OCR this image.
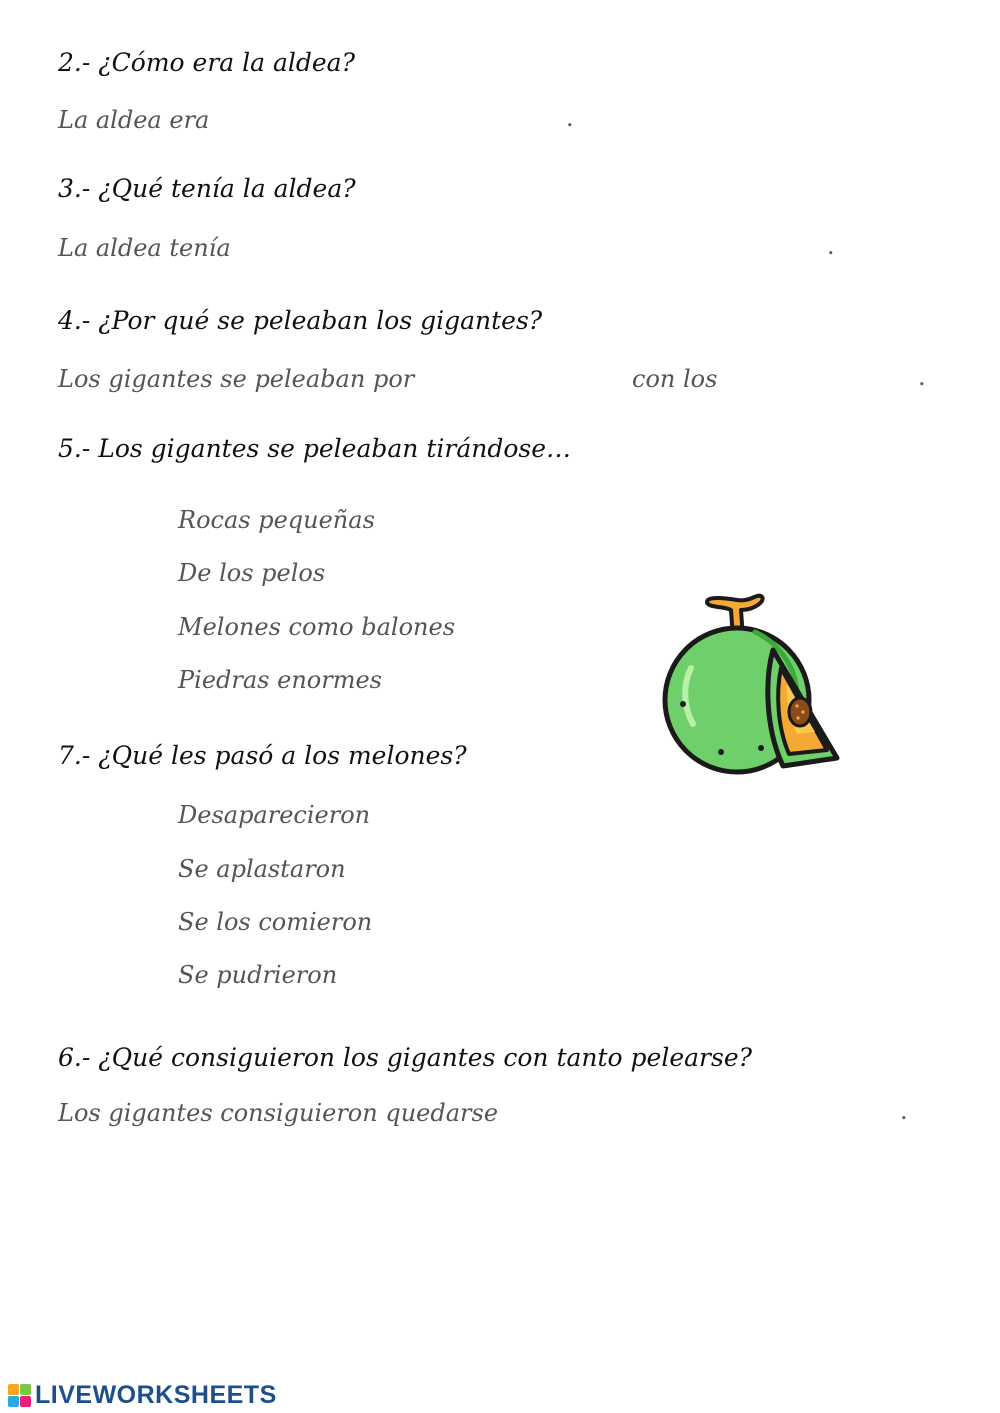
2.- ¿Cómo era la aldea?
La aldea era	.
3.- ¿Qué tenía la aldea?
La aldea tenía	.
4.- ¿Por qué se peleaban los gigantes?
Los gigantes se peleaban por	con los	.
5.- Los gigantes se peleaban tirándose…
Rocas pequeñas
De los pelos
Melones como balones
Piedras enormes
7.- ¿Qué les pasó a los melones?
Desaparecieron
Se aplastaron
Se los comieron
Se pudrieron
6.- ¿Qué consiguieron los gigantes con tanto pelearse?
Los gigantes consiguieron quedarse	.
LIVEWORKSHEETS
